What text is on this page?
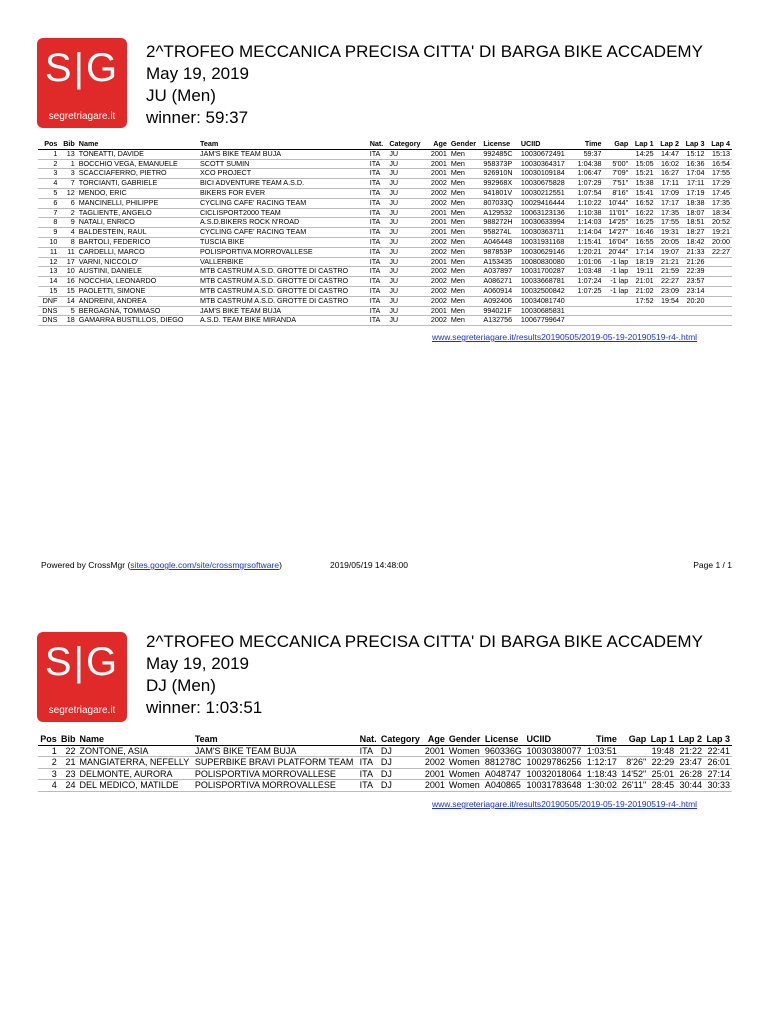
S|G
segretriagare.it
2^TROFEO MECCANICA PRECISA CITTA' DI BARGA BIKE ACCADEMY
May 19, 2019
JU (Men)
winner: 59:37
Pos	Bib	Name	Team	Nat.	Category	Age	Gender	License	UCIID	Time	Gap	Lap 1	Lap 2	Lap 3	Lap 4
1	13	TONEATTI, DAVIDE	JAM'S BIKE TEAM BUJA	ITA	JU	2001	Men	992485C	10030672491	59:37		14:25	14:47	15:12	15:13
2	1	BOCCHIO VEGA, EMANUELE	SCOTT SUMIN	ITA	JU	2001	Men	958373P	10030364317	1:04:38	5'00"	15:05	16:02	16:36	16:54
3	3	SCACCIAFERRO, PIETRO	XCO PROJECT	ITA	JU	2001	Men	926910N	10030109184	1:06:47	7'09"	15:21	16:27	17:04	17:55
4	7	TORCIANTI, GABRIELE	BICI ADVENTURE TEAM A.S.D.	ITA	JU	2002	Men	992968X	10030675828	1:07:29	7'51"	15:38	17:11	17:11	17:29
5	12	MENDO, ERIC	BIKERS FOR EVER	ITA	JU	2002	Men	941801V	10030212551	1:07:54	8'16"	15:41	17:09	17:19	17:45
6	6	MANCINELLI, PHILIPPE	CYCLING CAFE' RACING TEAM	ITA	JU	2002	Men	807033Q	10029416444	1:10:22	10'44"	16:52	17:17	18:38	17:35
7	2	TAGLIENTE, ANGELO	CICLISPORT2000 TEAM	ITA	JU	2001	Men	A129532	10063123136	1:10:38	11'01"	16:22	17:35	18:07	18:34
8	9	NATALI, ENRICO	A.S.D.BIKERS ROCK N'ROAD	ITA	JU	2001	Men	988272H	10030633994	1:14:03	14'25"	16:25	17:55	18:51	20:52
9	4	BALDESTEIN, RAUL	CYCLING CAFE' RACING TEAM	ITA	JU	2001	Men	958274L	10030363711	1:14:04	14'27"	16:46	19:31	18:27	19:21
10	8	BARTOLI, FEDERICO	TUSCIA BIKE	ITA	JU	2002	Men	A046448	10031931168	1:15:41	16'04"	16:55	20:05	18:42	20:00
11	11	CARDELLI, MARCO	POLISPORTIVA MORROVALLESE	ITA	JU	2002	Men	987853P	10030629146	1:20:21	20'44"	17:14	19:07	21:33	22:27
12	17	VARNI, NICCOLO'	VALLERBIKE	ITA	JU	2001	Men	A153435	10080830080	1:01:06	-1 lap	18:19	21:21	21:26	
13	10	AUSTINI, DANIELE	MTB CASTRUM A.S.D. GROTTE DI CASTRO	ITA	JU	2002	Men	A037897	10031700287	1:03:48	-1 lap	19:11	21:59	22:39	
14	16	NOCCHIA, LEONARDO	MTB CASTRUM A.S.D. GROTTE DI CASTRO	ITA	JU	2002	Men	A086271	10033668781	1:07:24	-1 lap	21:01	22:27	23:57	
15	15	PAOLETTI, SIMONE	MTB CASTRUM A.S.D. GROTTE DI CASTRO	ITA	JU	2002	Men	A060914	10032500842	1:07:25	-1 lap	21:02	23:09	23:14	
DNF	14	ANDREINI, ANDREA	MTB CASTRUM A.S.D. GROTTE DI CASTRO	ITA	JU	2002	Men	A092406	10034081740			17:52	19:54	20:20	
DNS	5	BERGAGNA, TOMMASO	JAM'S BIKE TEAM BUJA	ITA	JU	2001	Men	994021F	10030685831						
DNS	18	GAMARRA BUSTILLOS, DIEGO	A.S.D. TEAM BIKE MIRANDA	ITA	JU	2002	Men	A132756	10067799647						
www.segreteriagare.it/results20190505/2019-05-19-20190519-r4-.html
Powered by CrossMgr (sites.google.com/site/crossmgrsoftware)	2019/05/19 14:48:00	Page 1 / 1
S|G
segretriagare.it
2^TROFEO MECCANICA PRECISA CITTA' DI BARGA BIKE ACCADEMY
May 19, 2019
DJ (Men)
winner: 1:03:51
Pos	Bib	Name	Team	Nat.	Category	Age	Gender	License	UCIID	Time	Gap	Lap 1	Lap 2	Lap 3
1	22	ZONTONE, ASIA	JAM'S BIKE TEAM BUJA	ITA	DJ	2001	Women	960336G	10030380077	1:03:51		19:48	21:22	22:41
2	21	MANGIATERRA, NEFELLY	SUPERBIKE BRAVI PLATFORM TEAM	ITA	DJ	2002	Women	881278C	10029786256	1:12:17	8'26"	22:29	23:47	26:01
3	23	DELMONTE, AURORA	POLISPORTIVA MORROVALLESE	ITA	DJ	2001	Women	A048747	10032018064	1:18:43	14'52"	25:01	26:28	27:14
4	24	DEL MEDICO, MATILDE	POLISPORTIVA MORROVALLESE	ITA	DJ	2001	Women	A040865	10031783648	1:30:02	26'11"	28:45	30:44	30:33
www.segreteriagare.it/results20190505/2019-05-19-20190519-r4-.html
